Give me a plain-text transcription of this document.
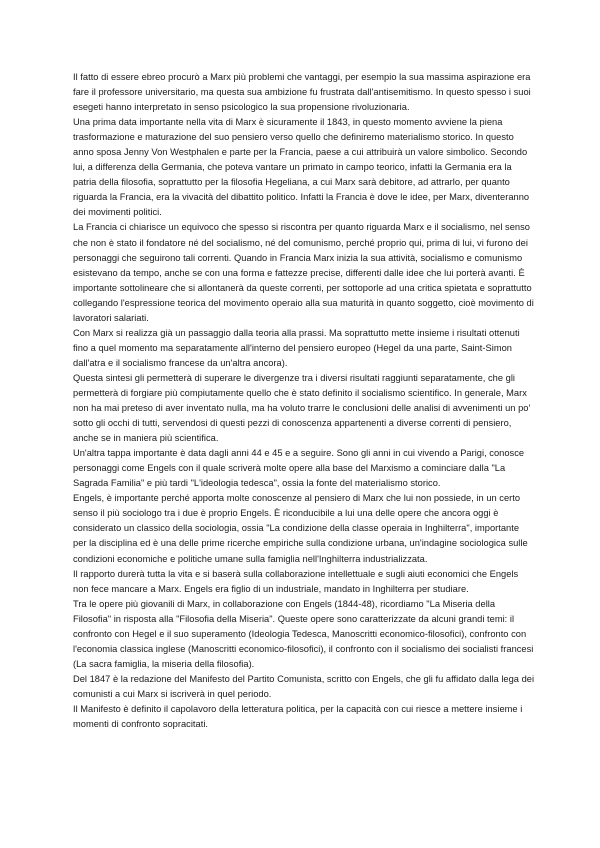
Il fatto di essere ebreo procurò a Marx più problemi che vantaggi, per esempio la sua massima aspirazione era fare il professore universitario, ma questa sua ambizione fu frustrata dall'antisemitismo. In questo spesso i suoi esegeti hanno interpretato in senso psicologico la sua propensione rivoluzionaria.

Una prima data importante nella vita di Marx è sicuramente il 1843, in questo momento avviene la piena trasformazione e maturazione del suo pensiero verso quello che definiremo materialismo storico. In questo anno sposa Jenny Von Westphalen e parte per la Francia, paese a cui attribuirà un valore simbolico. Secondo lui, a differenza della Germania, che poteva vantare un primato in campo teorico, infatti la Germania era la patria della filosofia, soprattutto per la filosofia Hegeliana, a cui Marx sarà debitore, ad attrarlo, per quanto riguarda la Francia, era la vivacità del dibattito politico. Infatti la Francia è dove le idee, per Marx, diventeranno dei movimenti politici.

La Francia ci chiarisce un equivoco che spesso si riscontra per quanto riguarda Marx e il socialismo, nel senso che non è stato il fondatore né del socialismo, né del comunismo, perché proprio qui, prima di lui, vi furono dei personaggi che seguirono tali correnti. Quando in Francia Marx inizia la sua attività, socialismo e comunismo esistevano da tempo, anche se con una forma e fattezze precise, differenti dalle idee che lui porterà avanti. È importante sottolineare che si allontanerà da queste correnti, per sottoporle ad una critica spietata e soprattutto collegando l'espressione teorica del movimento operaio alla sua maturità in quanto soggetto, cioè movimento di lavoratori salariati.

Con Marx si realizza già un passaggio dalla teoria alla prassi. Ma soprattutto mette insieme i risultati ottenuti fino a quel momento ma separatamente all'interno del pensiero europeo (Hegel da una parte, Saint-Simon dall'atra e il socialismo francese da un'altra ancora).

Questa sintesi gli permetterà di superare le divergenze tra i diversi risultati raggiunti separatamente, che gli permetterà di forgiare più compiutamente quello che è stato definito il socialismo scientifico. In generale, Marx non ha mai preteso di aver inventato nulla, ma ha voluto trarre le conclusioni delle analisi di avvenimenti un po' sotto gli occhi di tutti, servendosi di questi pezzi di conoscenza appartenenti a diverse correnti di pensiero, anche se in maniera più scientifica.

Un'altra tappa importante è data dagli anni 44 e 45 e a seguire. Sono gli anni in cui vivendo a Parigi, conosce personaggi come Engels con il quale scriverà molte opere alla base del Marxismo a cominciare dalla "La Sagrada Familia" e più tardi "L'ideologia tedesca", ossia la fonte del materialismo storico.

Engels, è importante perché apporta molte conoscenze al pensiero di Marx che lui non possiede, in un certo senso il più sociologo tra i due è proprio Engels. È riconducibile a lui una delle opere che ancora oggi è considerato un classico della sociologia, ossia "La condizione della classe operaia in Inghilterra", importante per la disciplina ed è una delle prime ricerche empiriche sulla condizione urbana, un'indagine sociologica sulle condizioni economiche e politiche umane sulla famiglia nell'Inghilterra industrializzata.

Il rapporto durerà tutta la vita e si baserà sulla collaborazione intellettuale e sugli aiuti economici che Engels non fece mancare a Marx. Engels era figlio di un industriale, mandato in Inghilterra per studiare.

Tra le opere più giovanili di Marx, in collaborazione con Engels (1844-48), ricordiamo "La Miseria della Filosofia" in risposta alla "Filosofia della Miseria". Queste opere sono caratterizzate da alcuni grandi temi: il confronto con Hegel e il suo superamento (Ideologia Tedesca, Manoscritti economico-filosofici), confronto con l'economia classica inglese (Manoscritti economico-filosofici), il confronto con il socialismo dei socialisti francesi (La sacra famiglia, la miseria della filosofia).

Del 1847 è la redazione del Manifesto del Partito Comunista, scritto con Engels, che gli fu affidato dalla lega dei comunisti a cui Marx si iscriverà in quel periodo.

Il Manifesto è definito il capolavoro della letteratura politica, per la capacità con cui riesce a mettere insieme i momenti di confronto sopracitati.
